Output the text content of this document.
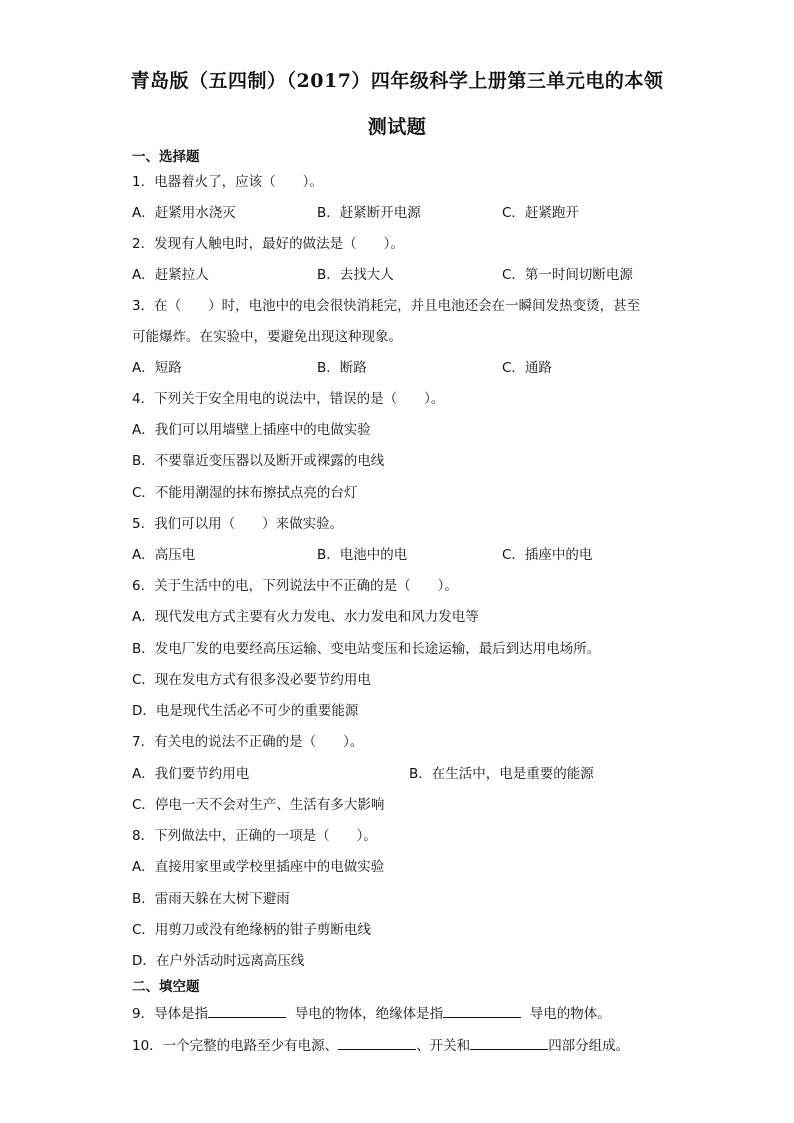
青岛版（五四制）（2017）四年级科学上册第三单元电的本领
测试题
一、选择题
1．电器着火了，应该（　　）。
A．赶紧用水浇灭	B．赶紧断开电源	C．赶紧跑开
2．发现有人触电时，最好的做法是（　　）。
A．赶紧拉人	B．去找大人	C．第一时间切断电源
3．在（　　）时，电池中的电会很快消耗完，并且电池还会在一瞬间发热变烫，甚至
可能爆炸。在实验中，要避免出现这种现象。
A．短路	B．断路	C．通路
4．下列关于安全用电的说法中，错误的是（　　）。
A．我们可以用墙壁上插座中的电做实验
B．不要靠近变压器以及断开或裸露的电线
C．不能用潮湿的抹布擦拭点亮的台灯
5．我们可以用（　　）来做实验。
A．高压电	B．电池中的电	C．插座中的电
6．关于生活中的电，下列说法中不正确的是（　　）。
A．现代发电方式主要有火力发电、水力发电和风力发电等
B．发电厂发的电要经高压运输、变电站变压和长途运输，最后到达用电场所。
C．现在发电方式有很多没必要节约用电
D．电是现代生活必不可少的重要能源
7．有关电的说法不正确的是（　　）。
A．我们要节约用电	B．在生活中，电是重要的能源
C．停电一天不会对生产、生活有多大影响
8．下列做法中，正确的一项是（　　）。
A．直接用家里或学校里插座中的电做实验
B．雷雨天躲在大树下避雨
C．用剪刀或没有绝缘柄的钳子剪断电线
D．在户外活动时远离高压线
二、填空题
9．导体是指	导电的物体，绝缘体是指	导电的物体。
10．一个完整的电路至少有电源、	、开关和	四部分组成。
